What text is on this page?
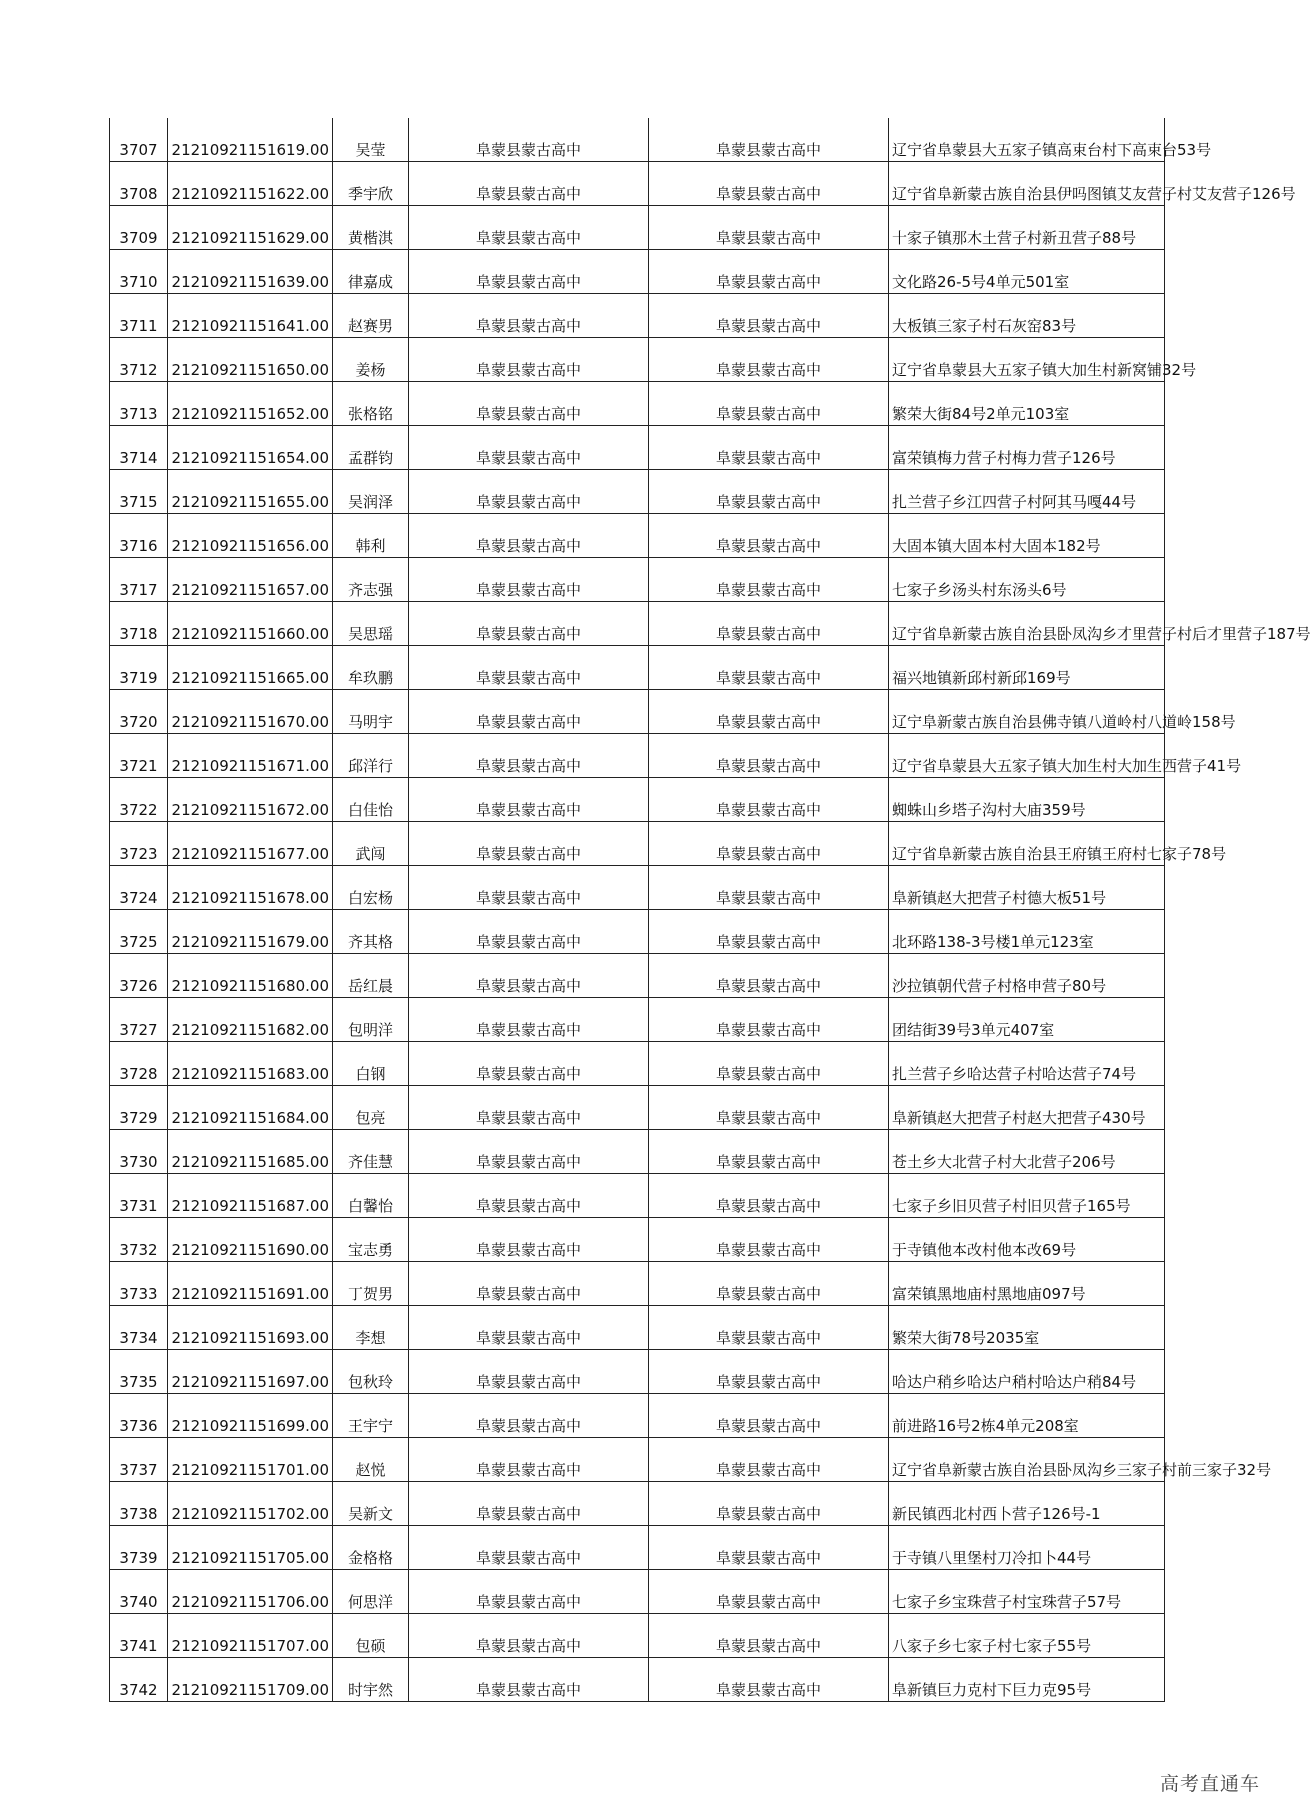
3707	21210921151619.00	吴莹	阜蒙县蒙古高中	阜蒙县蒙古高中	辽宁省阜蒙县大五家子镇高束台村下高束台53号
3708	21210921151622.00	季宇欣	阜蒙县蒙古高中	阜蒙县蒙古高中	辽宁省阜新蒙古族自治县伊吗图镇艾友营子村艾友营子126号
3709	21210921151629.00	黄楷淇	阜蒙县蒙古高中	阜蒙县蒙古高中	十家子镇那木土营子村新丑营子88号
3710	21210921151639.00	律嘉成	阜蒙县蒙古高中	阜蒙县蒙古高中	文化路26-5号4单元501室
3711	21210921151641.00	赵赛男	阜蒙县蒙古高中	阜蒙县蒙古高中	大板镇三家子村石灰窑83号
3712	21210921151650.00	姜杨	阜蒙县蒙古高中	阜蒙县蒙古高中	辽宁省阜蒙县大五家子镇大加生村新窝铺32号
3713	21210921151652.00	张格铭	阜蒙县蒙古高中	阜蒙县蒙古高中	繁荣大街84号2单元103室
3714	21210921151654.00	孟群钧	阜蒙县蒙古高中	阜蒙县蒙古高中	富荣镇梅力营子村梅力营子126号
3715	21210921151655.00	吴润泽	阜蒙县蒙古高中	阜蒙县蒙古高中	扎兰营子乡江四营子村阿其马嘎44号
3716	21210921151656.00	韩利	阜蒙县蒙古高中	阜蒙县蒙古高中	大固本镇大固本村大固本182号
3717	21210921151657.00	齐志强	阜蒙县蒙古高中	阜蒙县蒙古高中	七家子乡汤头村东汤头6号
3718	21210921151660.00	吴思瑶	阜蒙县蒙古高中	阜蒙县蒙古高中	辽宁省阜新蒙古族自治县卧凤沟乡才里营子村后才里营子187号
3719	21210921151665.00	牟玖鹏	阜蒙县蒙古高中	阜蒙县蒙古高中	福兴地镇新邱村新邱169号
3720	21210921151670.00	马明宇	阜蒙县蒙古高中	阜蒙县蒙古高中	辽宁阜新蒙古族自治县佛寺镇八道岭村八道岭158号
3721	21210921151671.00	邱洋行	阜蒙县蒙古高中	阜蒙县蒙古高中	辽宁省阜蒙县大五家子镇大加生村大加生西营子41号
3722	21210921151672.00	白佳怡	阜蒙县蒙古高中	阜蒙县蒙古高中	蜘蛛山乡塔子沟村大庙359号
3723	21210921151677.00	武闯	阜蒙县蒙古高中	阜蒙县蒙古高中	辽宁省阜新蒙古族自治县王府镇王府村七家子78号
3724	21210921151678.00	白宏杨	阜蒙县蒙古高中	阜蒙县蒙古高中	阜新镇赵大把营子村德大板51号
3725	21210921151679.00	齐其格	阜蒙县蒙古高中	阜蒙县蒙古高中	北环路138-3号楼1单元123室
3726	21210921151680.00	岳红晨	阜蒙县蒙古高中	阜蒙县蒙古高中	沙拉镇朝代营子村格申营子80号
3727	21210921151682.00	包明洋	阜蒙县蒙古高中	阜蒙县蒙古高中	团结街39号3单元407室
3728	21210921151683.00	白钢	阜蒙县蒙古高中	阜蒙县蒙古高中	扎兰营子乡哈达营子村哈达营子74号
3729	21210921151684.00	包亮	阜蒙县蒙古高中	阜蒙县蒙古高中	阜新镇赵大把营子村赵大把营子430号
3730	21210921151685.00	齐佳慧	阜蒙县蒙古高中	阜蒙县蒙古高中	苍土乡大北营子村大北营子206号
3731	21210921151687.00	白馨怡	阜蒙县蒙古高中	阜蒙县蒙古高中	七家子乡旧贝营子村旧贝营子165号
3732	21210921151690.00	宝志勇	阜蒙县蒙古高中	阜蒙县蒙古高中	于寺镇他本改村他本改69号
3733	21210921151691.00	丁贺男	阜蒙县蒙古高中	阜蒙县蒙古高中	富荣镇黑地庙村黑地庙097号
3734	21210921151693.00	李想	阜蒙县蒙古高中	阜蒙县蒙古高中	繁荣大街78号2035室
3735	21210921151697.00	包秋玲	阜蒙县蒙古高中	阜蒙县蒙古高中	哈达户稍乡哈达户稍村哈达户稍84号
3736	21210921151699.00	王宇宁	阜蒙县蒙古高中	阜蒙县蒙古高中	前进路16号2栋4单元208室
3737	21210921151701.00	赵悦	阜蒙县蒙古高中	阜蒙县蒙古高中	辽宁省阜新蒙古族自治县卧凤沟乡三家子村前三家子32号
3738	21210921151702.00	吴新文	阜蒙县蒙古高中	阜蒙县蒙古高中	新民镇西北村西卜营子126号-1
3739	21210921151705.00	金格格	阜蒙县蒙古高中	阜蒙县蒙古高中	于寺镇八里堡村刀冷扣卜44号
3740	21210921151706.00	何思洋	阜蒙县蒙古高中	阜蒙县蒙古高中	七家子乡宝珠营子村宝珠营子57号
3741	21210921151707.00	包硕	阜蒙县蒙古高中	阜蒙县蒙古高中	八家子乡七家子村七家子55号
3742	21210921151709.00	时宇然	阜蒙县蒙古高中	阜蒙县蒙古高中	阜新镇巨力克村下巨力克95号
高考直通车
